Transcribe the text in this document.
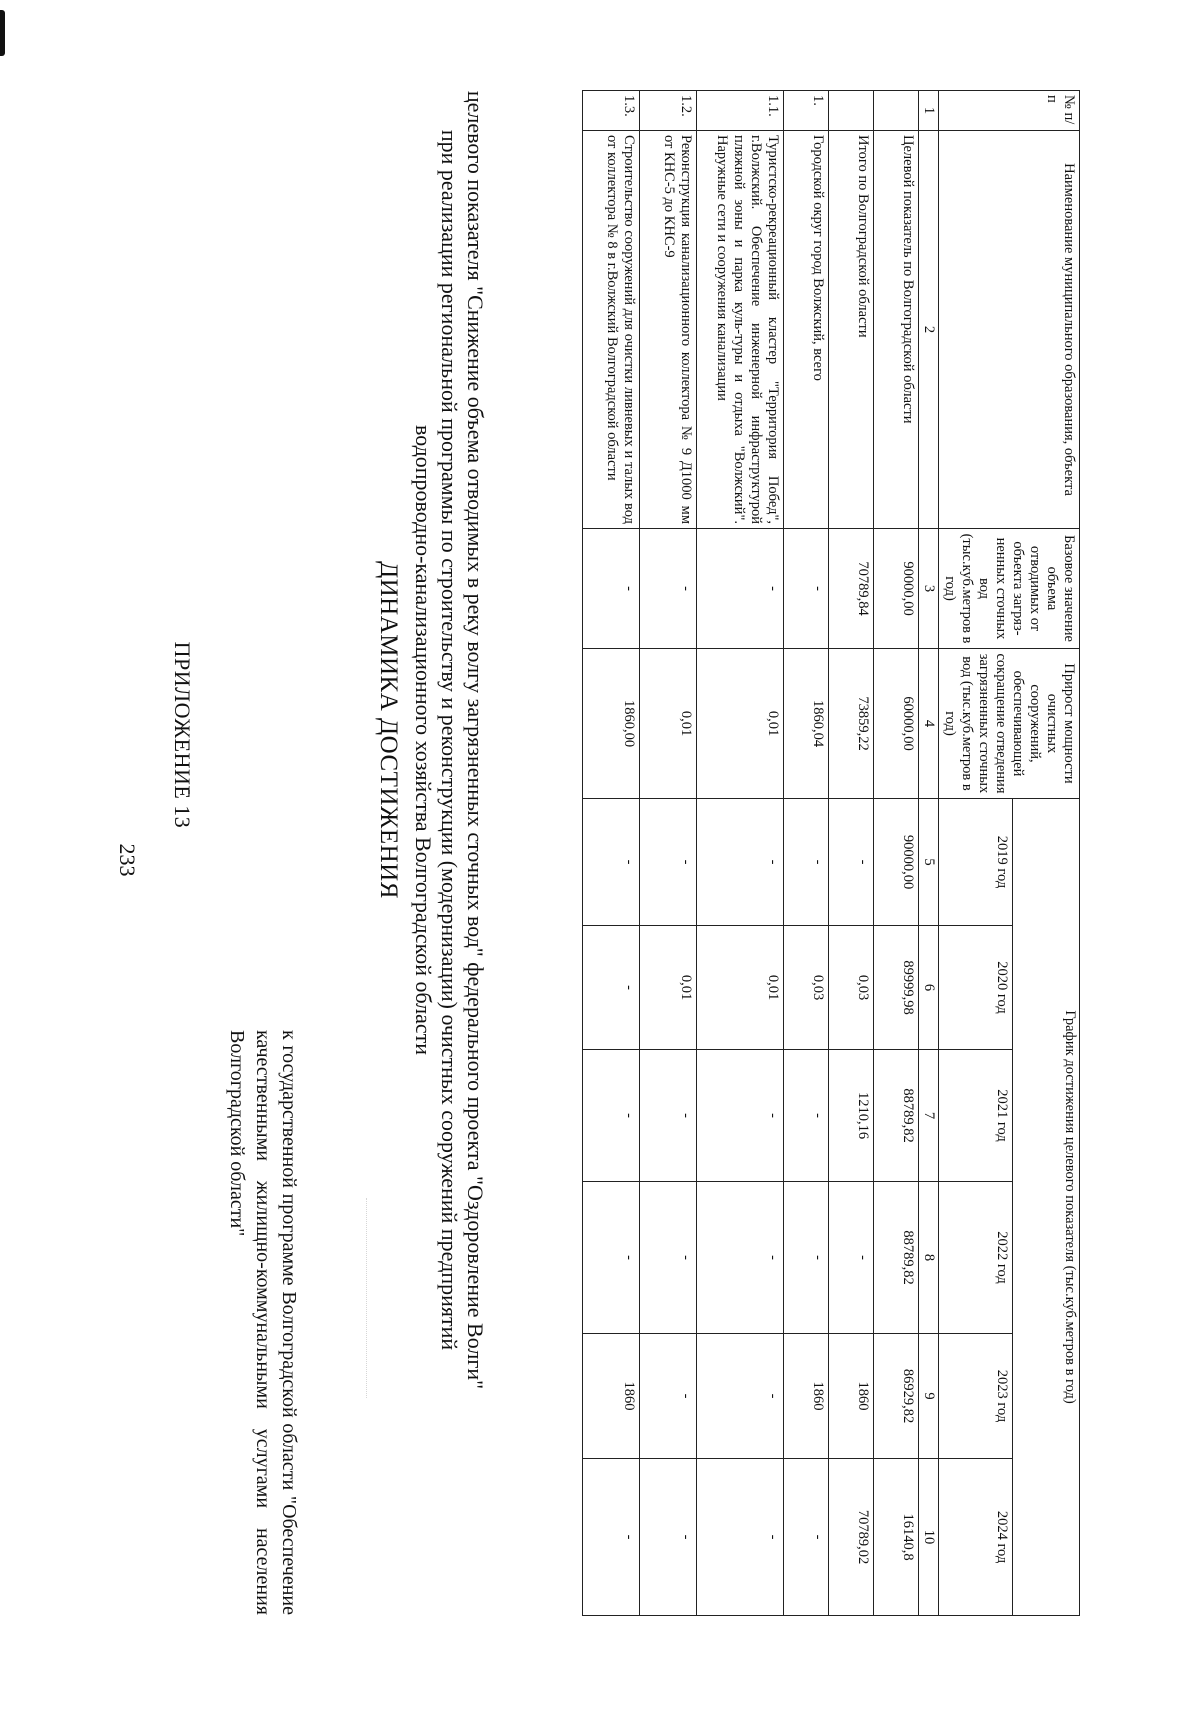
233
ПРИЛОЖЕНИЕ 13
к государственной программе Волгоградской области "Обеспечение качественными жилищно-коммунальными услугами населения Волгоградской области"
ДИНАМИКА ДОСТИЖЕНИЯ	целевого показателя "Снижение объема отводимых в реку волгу загрязненных сточных вод" федерального проекта "Оздоровление Волги"
при реализации региональной программы по строительству и реконструкции (модернизации) очистных сооружений предприятий
водопроводно-канализационного хозяйства Волгоградской области
№ п/п	Наименование муниципального образования, объекта	Базовое значение объема отводимых от объекта загряз-ненных сточных вод (тыс.куб.метров в год)	Прирост мощности очистных сооружений, обеспечивающей сокращение отведения загрязненных сточных вод (тыс.куб.метров в год)	График достижения целевого показателя (тыс.куб.метров в год)					
				2019 год	2020 год	2021 год	2022 год	2023 год	2024 год
1	2	3	4	5	6	7	8	9	10
	Целевой показатель по Волгоградской области	90000,00	60000,00	90000,00	89999,98	88789,82	88789,82	86929,82	16140,8
	Итого по Волгоградской области	70789,84	73859,22	-	0,03	1210,16	-	1860	70789,02
1.	Городской округ город Волжский, всего	-	1860,04	-	0,03	-	-	1860	-
1.1.	Туристско-рекреационный кластер "Территория Побед", г.Волжский. Обеспечение инженерной инфраструктурой пляжной зоны и парка куль-туры и отдыха "Волжский". Наружные сети и сооружения канализации	-	0,01	-	0,01	-	-	-	-
1.2.	Реконструкция канализационного коллектора № 9 Д1000 мм от КНС-5 до КНС-9	-	0,01	-	0,01	-	-	-	-
1.3.	Строительство сооружений для очистки ливневых и талых вод от коллектора № 8 в г.Волжский Волгоградской области	-	1860,00	-	-	-	-	1860	-
